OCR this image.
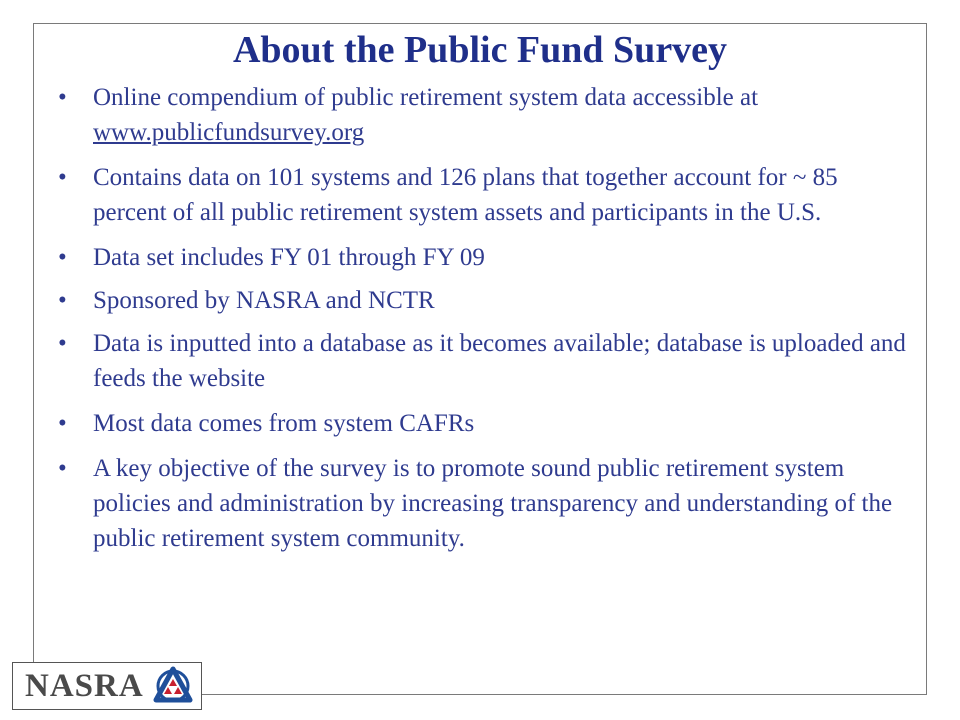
About the Public Fund Survey
• Online compendium of public retirement system data accessible at www.publicfundsurvey.org
• Contains data on 101 systems and 126 plans that together account for ~ 85 percent of all public retirement system assets and participants in the U.S.
• Data set includes FY 01 through FY 09
• Sponsored by NASRA and NCTR
• Data is inputted into a database as it becomes available; database is uploaded and feeds the website
• Most data comes from system CAFRs
• A key objective of the survey is to promote sound public retirement system policies and administration by increasing transparency and understanding of the public retirement system community.
NASRA
